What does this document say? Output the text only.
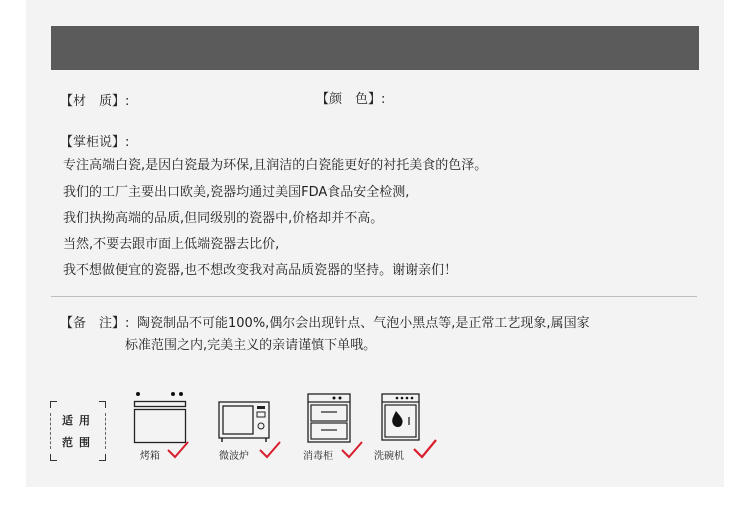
【材　质】:	【颜　色】:
【掌柜说】:
专注高端白瓷,是因白瓷最为环保,且润洁的白瓷能更好的衬托美食的色泽。
我们的工厂主要出口欧美,瓷器均通过美国FDA食品安全检测,
我们执拗高端的品质,但同级别的瓷器中,价格却并不高。
当然,不要去跟市面上低端瓷器去比价,
我不想做便宜的瓷器,也不想改变我对高品质瓷器的坚持。谢谢亲们！
【备　注】: 陶瓷制品不可能100%,偶尔会出现针点、气泡小黑点等,是正常工艺现象,属国家
标准范围之内,完美主义的亲请谨慎下单哦。
适用
范围
烤箱	微波炉	消毒柜	洗碗机
